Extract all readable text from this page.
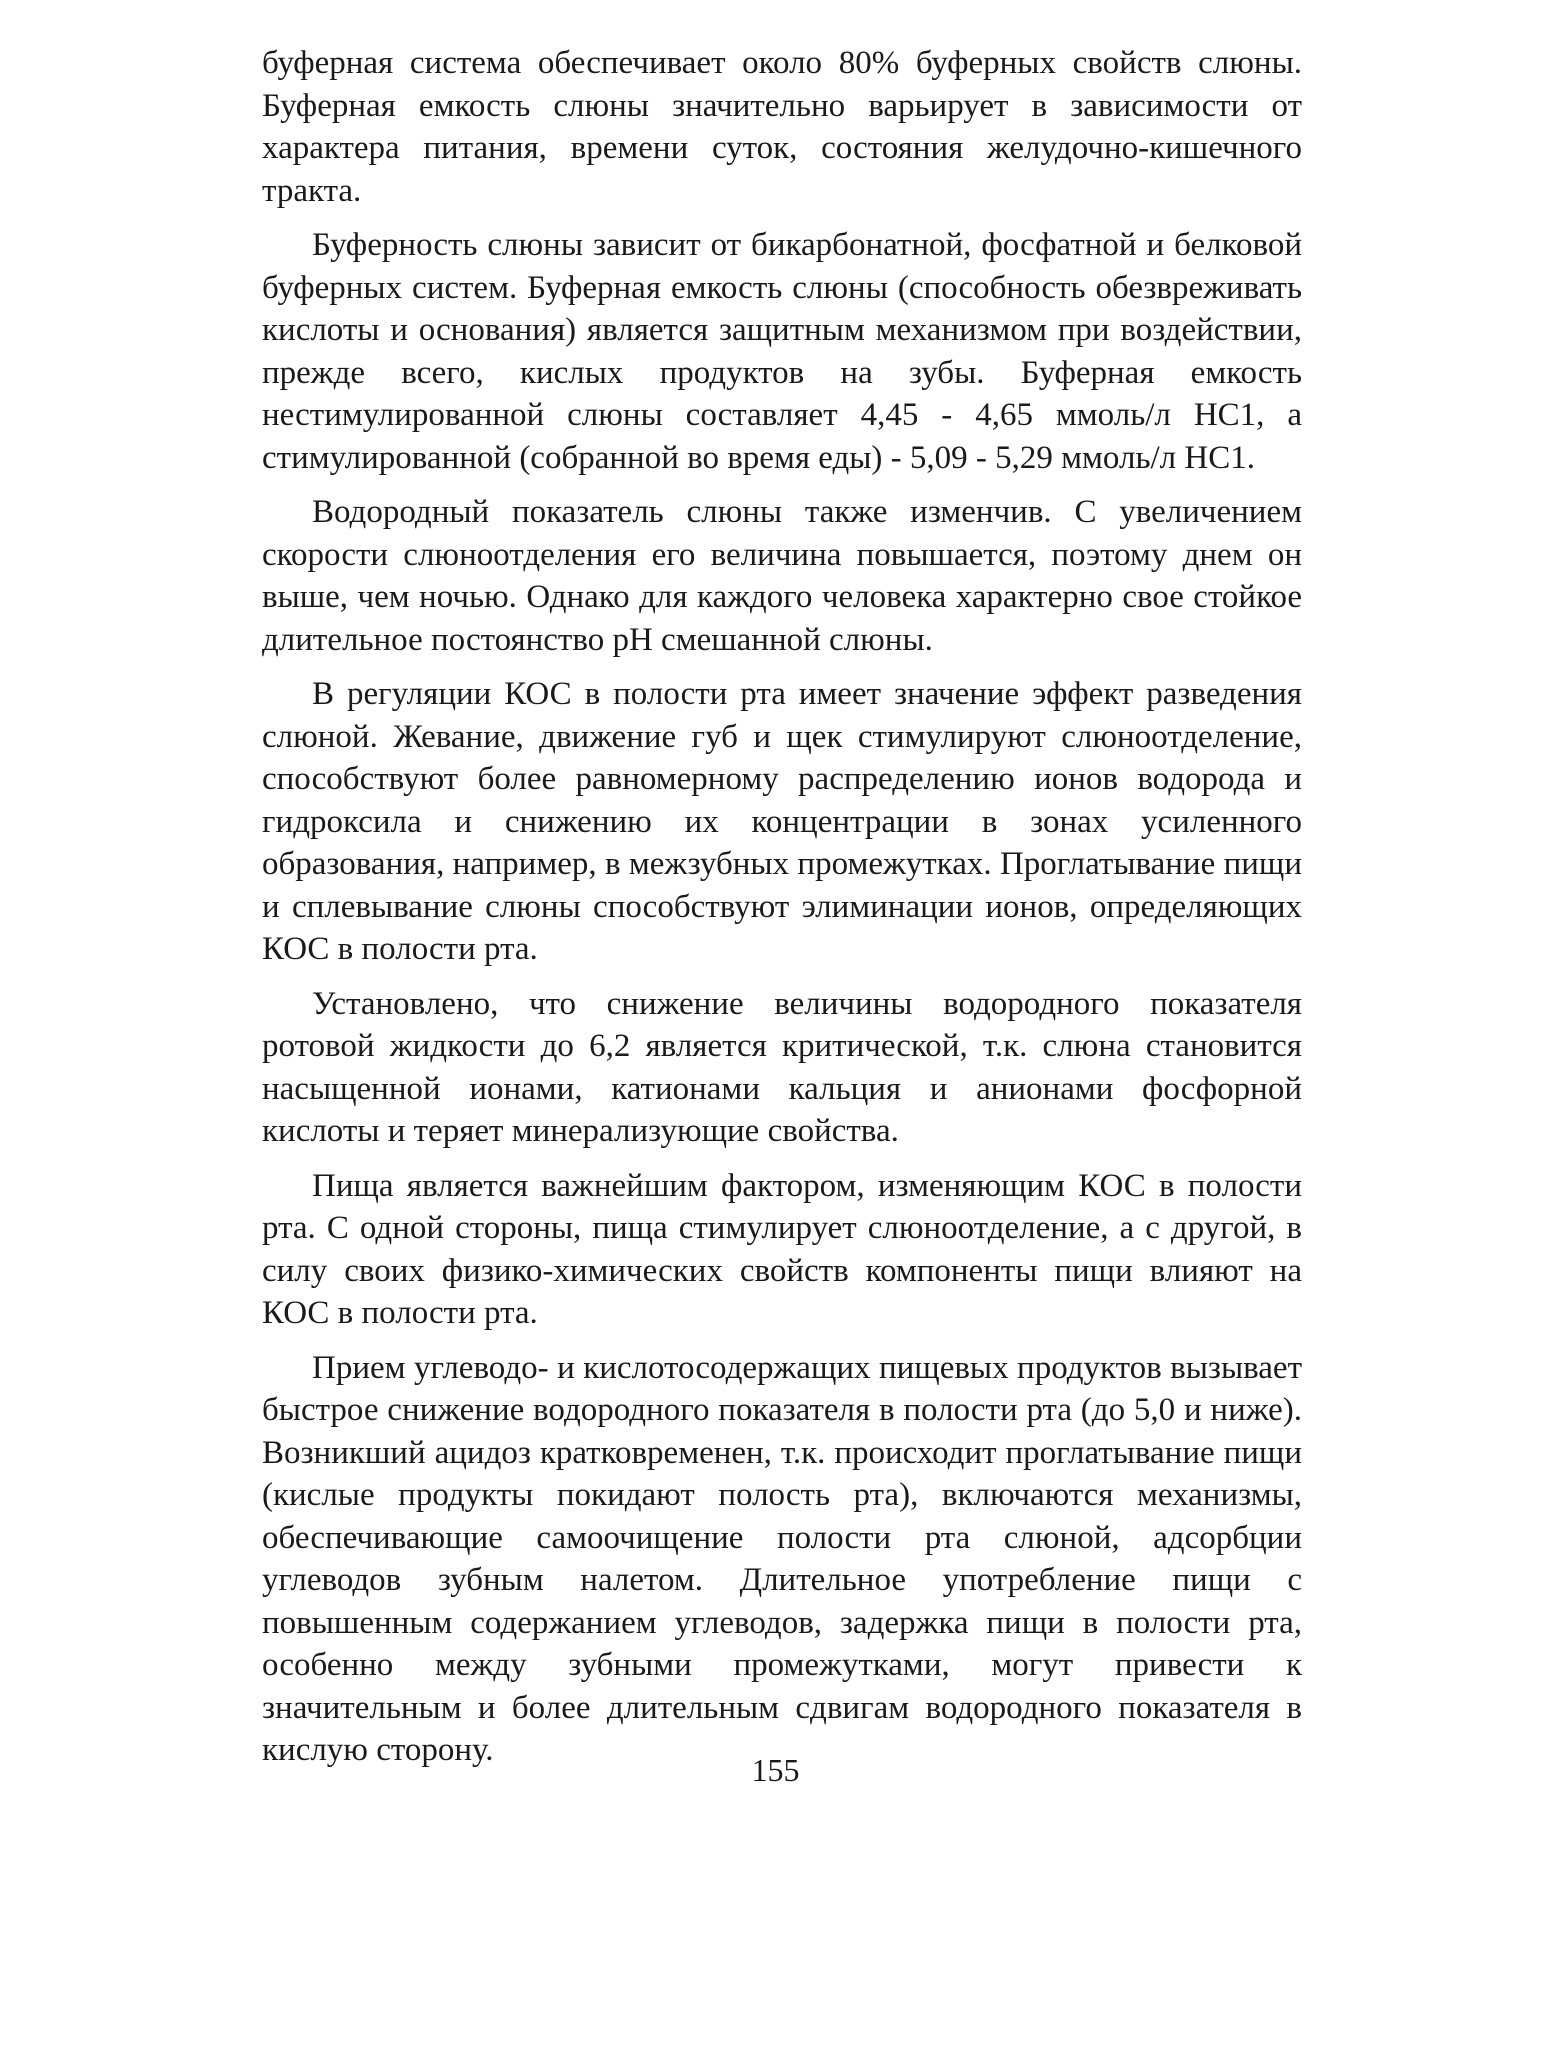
буферная система обеспечивает около 80% буферных свойств слюны. Буферная емкость слюны значительно варьирует в зависимости от характера питания, времени суток, состояния желудочно-кишечного тракта.

Буферность слюны зависит от бикарбонатной, фосфатной и белковой буферных систем. Буферная емкость слюны (способность обезвреживать кислоты и основания) является защитным механизмом при воздействии, прежде всего, кислых продуктов на зубы. Буферная емкость нестимулированной слюны составляет 4,45 - 4,65 ммоль/л НС1, а стимулированной (собранной во время еды) - 5,09 - 5,29 ммоль/л НС1.

Водородный показатель слюны также изменчив. С увеличением скорости слюноотделения его величина повышается, поэтому днем он выше, чем ночью. Однако для каждого человека характерно свое стойкое длительное постоянство pH смешанной слюны.

В регуляции КОС в полости рта имеет значение эффект разведения слюной. Жевание, движение губ и щек стимулируют слюноотделение, способствуют более равномерному распределению ионов водорода и гидроксила и снижению их концентрации в зонах усиленного образования, например, в межзубных промежутках. Проглатывание пищи и сплевывание слюны способствуют элиминации ионов, определяющих КОС в полости рта.

Установлено, что снижение величины водородного показателя ротовой жидкости до 6,2 является критической, т.к. слюна становится насыщенной ионами, катионами кальция и анионами фосфорной кислоты и теряет минерализующие свойства.

Пища является важнейшим фактором, изменяющим КОС в полости рта. С одной стороны, пища стимулирует слюноотделение, а с другой, в силу своих физико-химических свойств компоненты пищи влияют на КОС в полости рта.

Прием углеводо- и кислотосодержащих пищевых продуктов вызывает быстрое снижение водородного показателя в полости рта (до 5,0 и ниже). Возникший ацидоз кратковременен, т.к. происходит проглатывание пищи (кислые продукты покидают полость рта), включаются механизмы, обеспечивающие самоочищение полости рта слюной, адсорбции углеводов зубным налетом. Длительное употребление пищи с повышенным содержанием углеводов, задержка пищи в полости рта, особенно между зубными промежутками, могут привести к значительным и более длительным сдвигам водородного показателя в кислую сторону.

155
